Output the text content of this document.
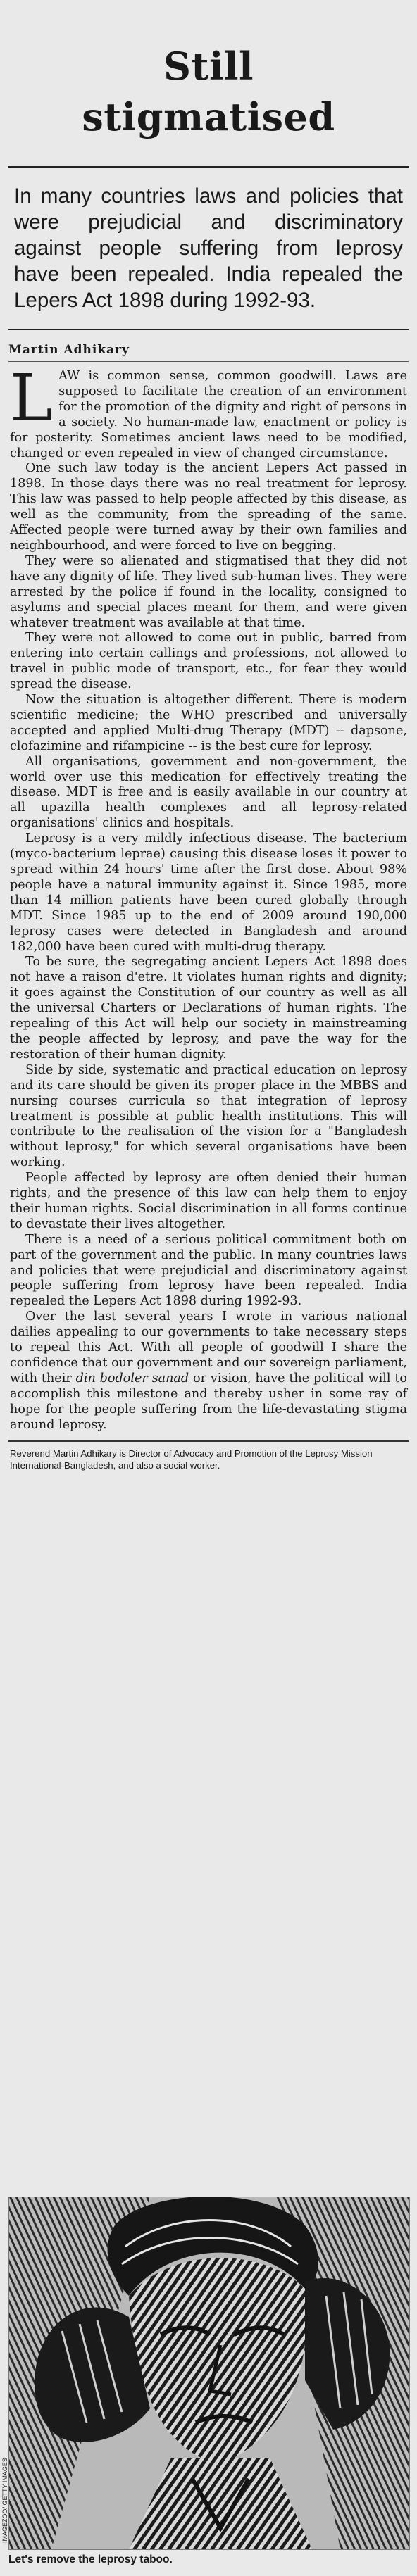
Still
stigmatised

In many countries laws and policies that were prejudicial and discriminatory against people suffering from leprosy have been repealed. India repealed the Lepers Act 1898 during 1992-93.

Martin Adhikary

LAW is common sense, common goodwill. Laws are supposed to facilitate the creation of an environment for the promotion of the dignity and right of persons in a society. No human-made law, enactment or policy is for posterity. Sometimes ancient laws need to be modified, changed or even repealed in view of changed circumstance.

One such law today is the ancient Lepers Act passed in 1898. In those days there was no real treatment for leprosy. This law was passed to help people affected by this disease, as well as the community, from the spreading of the same. Affected people were turned away by their own families and neighbourhood, and were forced to live on begging.

They were so alienated and stigmatised that they did not have any dignity of life. They lived sub-human lives. They were arrested by the police if found in the locality, consigned to asylums and special places meant for them, and were given whatever treatment was available at that time.

They were not allowed to come out in public, barred from entering into certain callings and professions, not allowed to travel in public mode of transport, etc., for fear they would spread the disease.

Now the situation is altogether different. There is modern scientific medicine; the WHO prescribed and universally accepted and applied Multi-drug Therapy (MDT) -- dapsone, clofazimine and rifampicine -- is the best cure for leprosy.

All organisations, government and non-government, the world over use this medication for effectively treating the disease. MDT is free and is easily available in our country at all upazilla health complexes and all leprosy-related organisations' clinics and hospitals.

Leprosy is a very mildly infectious disease. The bacterium (myco-bacterium leprae) causing this disease loses it power to spread within 24 hours' time after the first dose. About 98% people have a natural immunity against it. Since 1985, more than 14 million patients have been cured globally through MDT. Since 1985 up to the end of 2009 around 190,000 leprosy cases were detected in Bangladesh and around 182,000 have been cured with multi-drug therapy.

To be sure, the segregating ancient Lepers Act 1898 does not have a raison d'etre. It violates human rights and dignity; it goes against the Constitution of our country as well as all the universal Charters or Declarations of human rights. The repealing of this Act will help our society in mainstreaming the people affected by leprosy, and pave the way for the restoration of their human dignity.

Side by side, systematic and practical education on leprosy and its care should be given its proper place in the MBBS and nursing courses curricula so that integration of leprosy treatment is possible at public health institutions. This will contribute to the realisation of the vision for a "Bangladesh without leprosy," for which several organisations have been working.

People affected by leprosy are often denied their human rights, and the presence of this law can help them to enjoy their human rights. Social discrimination in all forms continue to devastate their lives altogether.

There is a need of a serious political commitment both on part of the government and the public. In many countries laws and policies that were prejudicial and discriminatory against people suffering from leprosy have been repealed. India repealed the Lepers Act 1898 during 1992-93.

Over the last several years I wrote in various national dailies appealing to our governments to take necessary steps to repeal this Act. With all people of goodwill I share the confidence that our government and our sovereign parliament, with their din bodoler sanad or vision, have the political will to accomplish this milestone and thereby usher in some ray of hope for the people suffering from the life-devastating stigma around leprosy.

Reverend Martin Adhikary is Director of Advocacy and Promotion of the Leprosy Mission International-Bangladesh, and also a social worker.

IMAGEZOO/ GETTY IMAGES
Let's remove the leprosy taboo.
